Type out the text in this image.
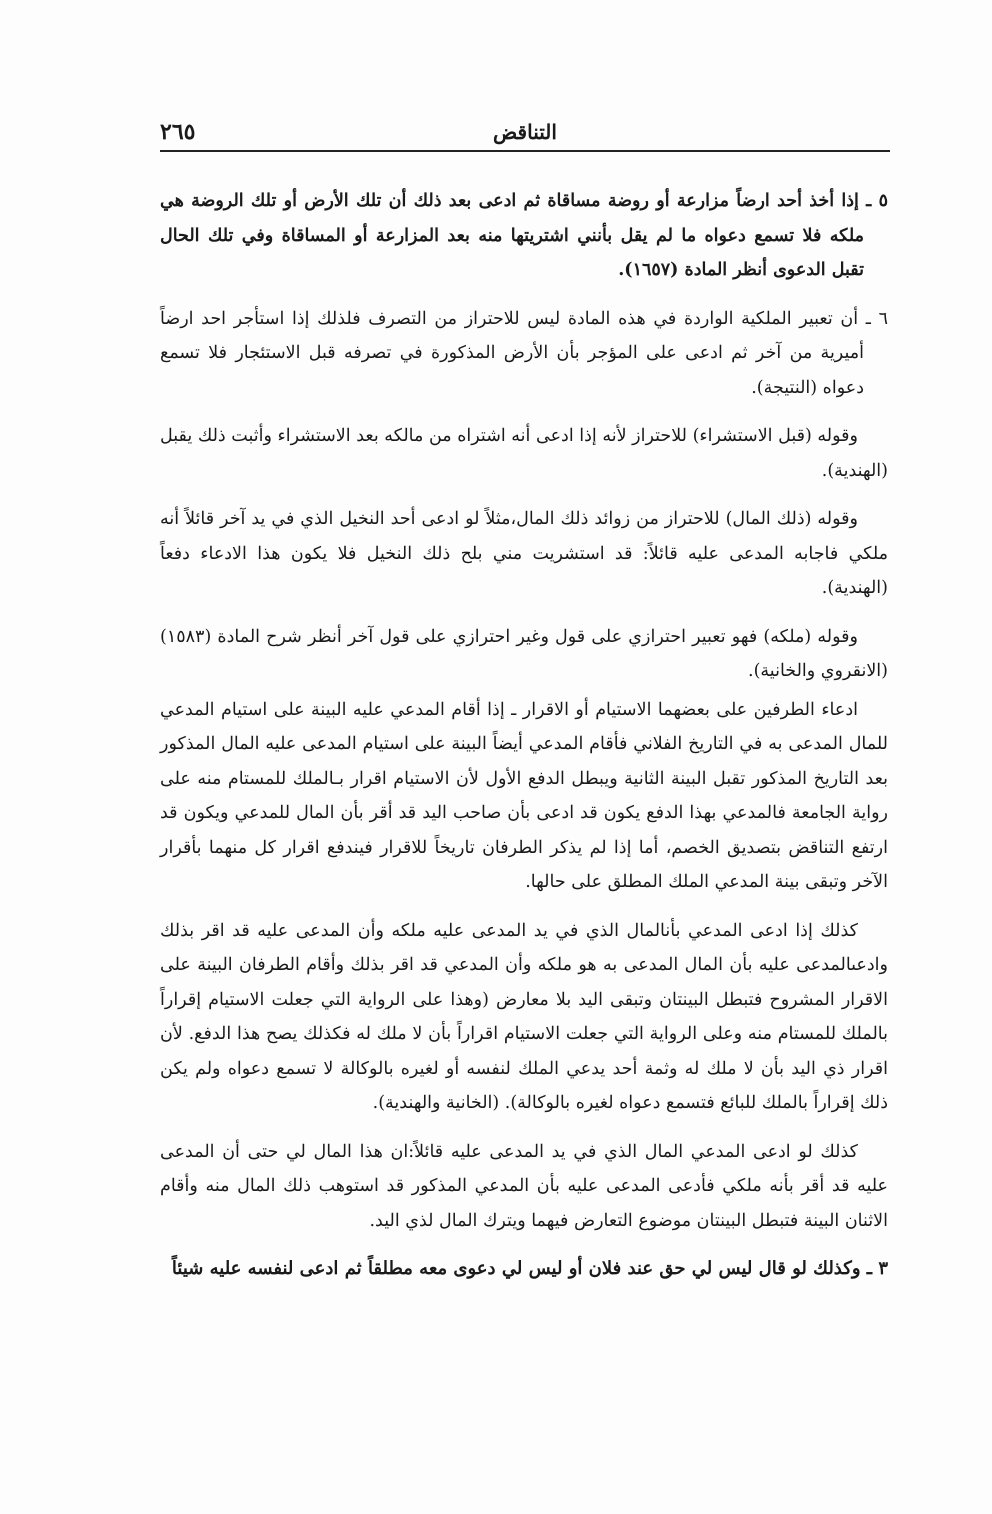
التناقض
٢٦٥

٥ ـ إذا أخذ أحد ارضاً مزارعة أو روضة مساقاة ثم ادعى بعد ذلك أن تلك الأرض أو تلك الروضة هي ملكه فلا تسمع دعواه ما لم يقل بأنني اشتريتها منه بعد المزارعة أو المساقاة وفي تلك الحال تقبل الدعوى أنظر المادة (١٦٥٧).

٦ ـ أن تعبير الملكية الواردة في هذه المادة ليس للاحتراز من التصرف فلذلك إذا استأجر احد ارضاً أميرية من آخر ثم ادعى على المؤجر بأن الأرض المذكورة في تصرفه قبل الاستئجار فلا تسمع دعواه (النتيجة).

وقوله (قبل الاستشراء) للاحتراز لأنه إذا ادعى أنه اشتراه من مالكه بعد الاستشراء وأثبت ذلك يقبل (الهندية).

وقوله (ذلك المال) للاحتراز من زوائد ذلك المال،مثلاً لو ادعى أحد النخيل الذي في يد آخر قائلاً أنه ملكي فاجابه المدعى عليه قائلاً: قد استشريت مني بلح ذلك النخيل فلا يكون هذا الادعاء دفعاً (الهندية).

وقوله (ملكه) فهو تعبير احترازي على قول وغير احترازي على قول آخر أنظر شرح المادة (١٥٨٣) (الانقروي والخانية).

ادعاء الطرفين على بعضهما الاستيام أو الاقرار ـ إذا أقام المدعي عليه البينة على استيام المدعي للمال المدعى به في التاريخ الفلاني فأقام المدعي أيضاً البينة على استيام المدعى عليه المال المذكور بعد التاريخ المذكور تقبل البينة الثانية ويبطل الدفع الأول لأن الاستيام اقرار بـالملك للمستام منه على رواية الجامعة فالمدعي بهذا الدفع يكون قد ادعى بأن صاحب اليد قد أقر بأن المال للمدعي ويكون قد ارتفع التناقض بتصديق الخصم، أما إذا لم يذكر الطرفان تاريخاً للاقرار فيندفع اقرار كل منهما بأقرار الآخر وتبقى بينة المدعي الملك المطلق على حالها.

كذلك إذا ادعى المدعي بأنالمال الذي في يد المدعى عليه ملكه وأن المدعى عليه قد اقر بذلك وادعىالمدعى عليه بأن المال المدعى به هو ملكه وأن المدعي قد اقر بذلك وأقام الطرفان البينة على الاقرار المشروح فتبطل البينتان وتبقى اليد بلا معارض (وهذا على الرواية التي جعلت الاستيام إقراراً بالملك للمستام منه وعلى الرواية التي جعلت الاستيام اقراراً بأن لا ملك له فكذلك يصح هذا الدفع. لأن اقرار ذي اليد بأن لا ملك له وثمة أحد يدعي الملك لنفسه أو لغيره بالوكالة لا تسمع دعواه ولم يكن ذلك إقراراً بالملك للبائع فتسمع دعواه لغيره بالوكالة). (الخانية والهندية).

كذلك لو ادعى المدعي المال الذي في يد المدعى عليه قائلاً:ان هذا المال لي حتى أن المدعى عليه قد أقر بأنه ملكي فأدعى المدعى عليه بأن المدعي المذكور قد استوهب ذلك المال منه وأقام الاثنان البينة فتبطل البينتان موضوع التعارض فيهما ويترك المال لذي اليد.

٣ ـ وكذلك لو قال ليس لي حق عند فلان أو ليس لي دعوى معه مطلقاً ثم ادعى لنفسه عليه شيئاً
